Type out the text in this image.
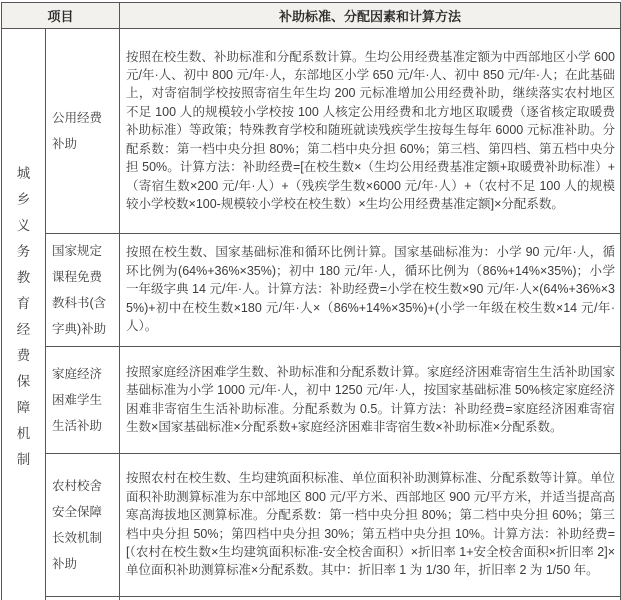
项目		补助标准、分配因素和计算方法

城乡义务教育经费保障机制	公用经费补助	按照在校生数、补助标准和分配系数计算。生均公用经费基准定额为中西部地区小学 600 元/年·人、初中 800 元/年·人，东部地区小学 650 元/年·人、初中 850 元/年·人；在此基础上，对寄宿制学校按照寄宿生年生均 200 元标准增加公用经费补助，继续落实农村地区不足 100 人的规模较小学校按 100 人核定公用经费和北方地区取暖费（逐省核定取暖费补助标准）等政策；特殊教育学校和随班就读残疾学生按每生每年 6000 元标准补助。分配系数：第一档中央分担 80%；第二档中央分担 60%；第三档、第四档、第五档中央分担 50%。计算方法：补助经费=[在校生数×（生均公用经费基准定额+取暖费补助标准）+（寄宿生数×200 元/年·人）+（残疾学生数×6000 元/年·人）+（农村不足 100 人的规模较小学校数×100-规模较小学校在校生数）×生均公用经费基准定额]×分配系数。
	国家规定课程免费教科书(含字典)补助	按照在校生数、国家基础标准和循环比例计算。国家基础标准为：小学 90 元/年·人，循环比例为(64%+36%×35%)；初中 180 元/年·人，循环比例为（86%+14%×35%)；小学一年级字典 14 元/年·人。计算方法：补助经费=小学在校生数×90 元/年·人×(64%+36%×35%)+初中在校生数×180 元/年·人×（86%+14%×35%)+(小学一年级在校生数×14 元/年·人）。
	家庭经济困难学生生活补助	按照家庭经济困难学生数、补助标准和分配系数计算。家庭经济困难寄宿生生活补助国家基础标准为小学 1000 元/年·人，初中 1250 元/年·人，按国家基础标准 50%核定家庭经济困难非寄宿生生活补助标准。分配系数为 0.5。计算方法：补助经费=家庭经济困难寄宿生数×国家基础标准×分配系数+家庭经济困难非寄宿生数×补助标准×分配系数。
	农村校舍安全保障长效机制补助	按照农村在校生数、生均建筑面积标准、单位面积补助测算标准、分配系数等计算。单位面积补助测算标准为东中部地区 800 元/平方米、西部地区 900 元/平方米，并适当提高高寒高海拔地区测算标准。分配系数：第一档中央分担 80%；第二档中央分担 60%；第三档中央分担 50%；第四档中央分担 30%；第五档中央分担 10%。计算方法：补助经费=[（农村在校生数×生均建筑面积标准-安全校舍面积）×折旧率 1+安全校舍面积×折旧率 2]×单位面积补助测算标准×分配系数。其中：折旧率 1 为 1/30 年，折旧率 2 为 1/50 年。
